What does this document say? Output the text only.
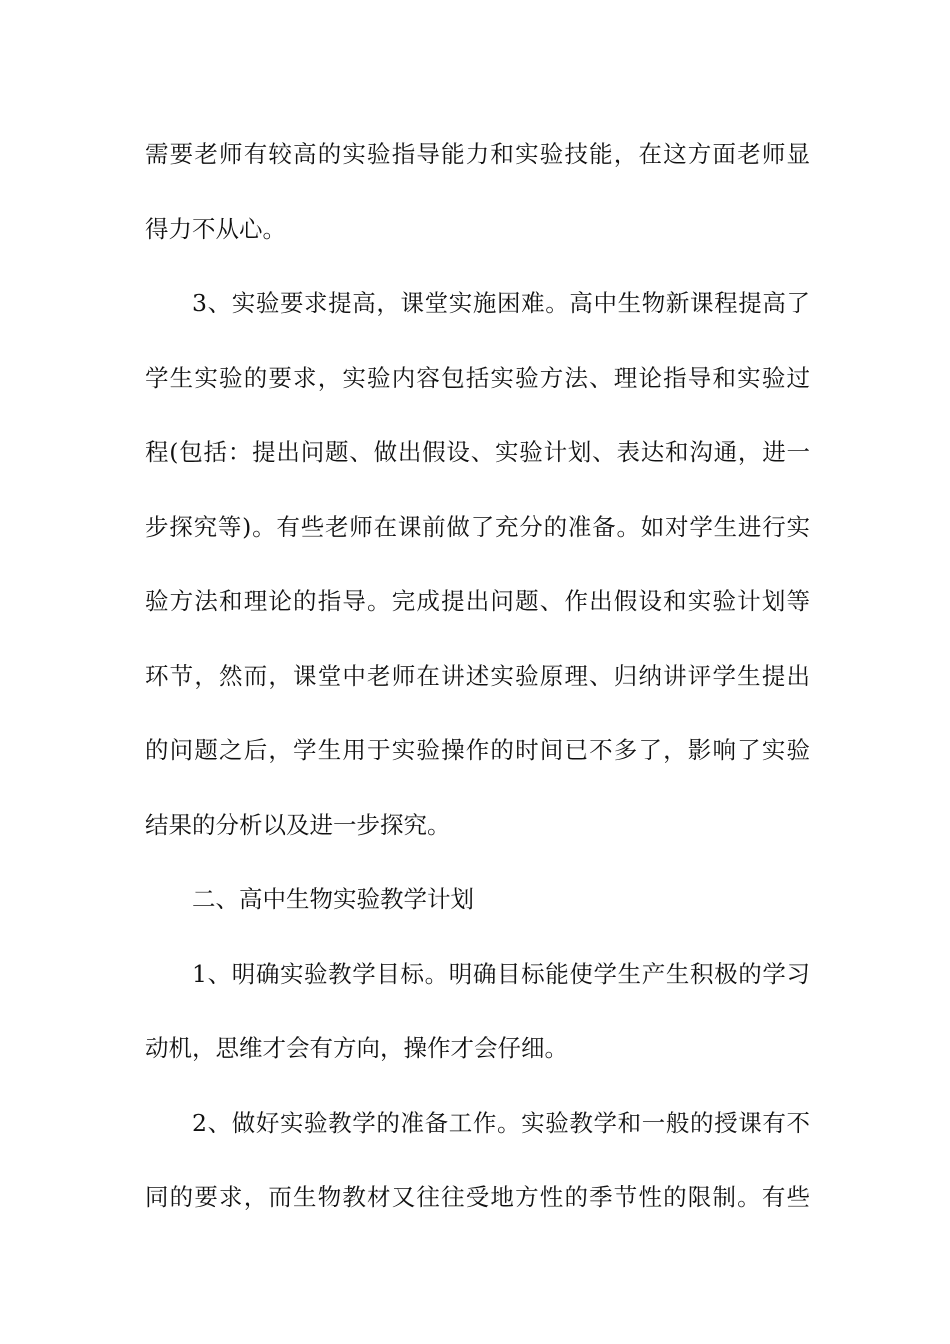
需要老师有较高的实验指导能力和实验技能，在这方面老师显
得力不从心。
3、实验要求提高，课堂实施困难。高中生物新课程提高了
学生实验的要求，实验内容包括实验方法、理论指导和实验过
程(包括：提出问题、做出假设、实验计划、表达和沟通，进一
步探究等)。有些老师在课前做了充分的准备。如对学生进行实
验方法和理论的指导。完成提出问题、作出假设和实验计划等
环节，然而，课堂中老师在讲述实验原理、归纳讲评学生提出
的问题之后，学生用于实验操作的时间已不多了，影响了实验
结果的分析以及进一步探究。
二、高中生物实验教学计划
1、明确实验教学目标。明确目标能使学生产生积极的学习
动机，思维才会有方向，操作才会仔细。
2、做好实验教学的准备工作。实验教学和一般的授课有不
同的要求，而生物教材又往往受地方性的季节性的限制。有些
